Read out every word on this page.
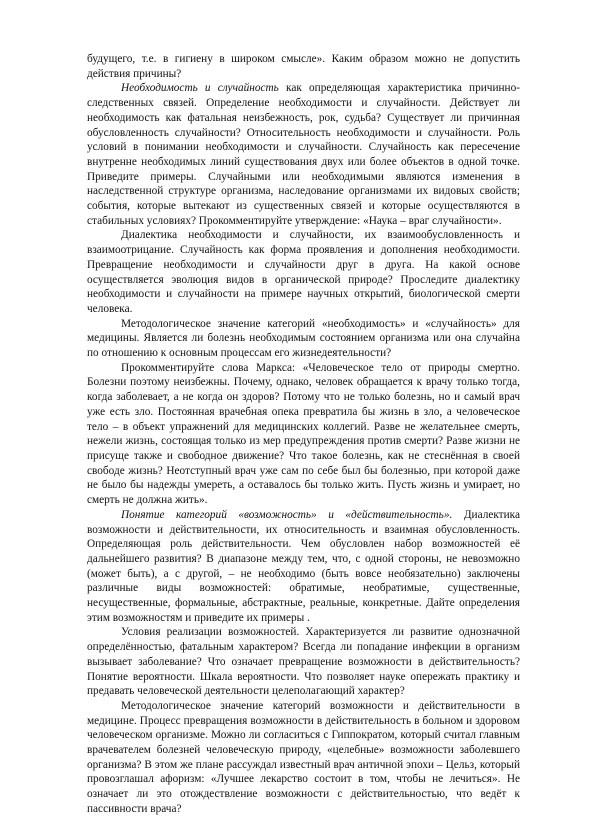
будущего, т.е. в гигиену в широком смысле». Каким образом можно не допустить действия причины?

Необходимость и случайность как определяющая характеристика причинно-следственных связей. Определение необходимости и случайности. Действует ли необходимость как фатальная неизбежность, рок, судьба? Существует ли причинная обусловленность случайности? Относительность необходимости и случайности. Роль условий в понимании необходимости и случайности. Случайность как пересечение внутренне необходимых линий существования двух или более объектов в одной точке. Приведите примеры. Случайными или необходимыми являются изменения в наследственной структуре организма, наследование организмами их видовых свойств; события, которые вытекают из существенных связей и которые осуществляются в стабильных условиях? Прокомментируйте утверждение: «Наука – враг случайности».

Диалектика необходимости и случайности, их взаимообусловленность и взаимоотрицание. Случайность как форма проявления и дополнения необходимости. Превращение необходимости и случайности друг в друга. На какой основе осуществляется эволюция видов в органической природе? Проследите диалектику необходимости и случайности на примере научных открытий, биологической смерти человека.

Методологическое значение категорий «необходимость» и «случайность» для медицины. Является ли болезнь необходимым состоянием организма или она случайна по отношению к основным процессам его жизнедеятельности?

Прокомментируйте слова Маркса: «Человеческое тело от природы смертно. Болезни поэтому неизбежны. Почему, однако, человек обращается к врачу только тогда, когда заболевает, а не когда он здоров? Потому что не только болезнь, но и самый врач уже есть зло. Постоянная врачебная опека превратила бы жизнь в зло, а человеческое тело – в объект упражнений для медицинских коллегий. Разве не желательнее смерть, нежели жизнь, состоящая только из мер предупреждения против смерти? Разве жизни не присуще также и свободное движение? Что такое болезнь, как не стеснённая в своей свободе жизнь? Неотступный врач уже сам по себе был бы болезнью, при которой даже не было бы надежды умереть, а оставалось бы только жить. Пусть жизнь и умирает, но смерть не должна жить».

Понятие категорий «возможность» и «действительность». Диалектика возможности и действительности, их относительность и взаимная обусловленность. Определяющая роль действительности. Чем обусловлен набор возможностей её дальнейшего развития? В диапазоне между тем, что, с одной стороны, не невозможно (может быть), а с другой, – не необходимо (быть вовсе необязательно) заключены различные виды возможностей: обратимые, необратимые, существенные, несущественные, формальные, абстрактные, реальные, конкретные. Дайте определения этим возможностям и приведите их примеры .

Условия реализации возможностей. Характеризуется ли развитие однозначной определённостью, фатальным характером? Всегда ли попадание инфекции в организм вызывает заболевание? Что означает превращение возможности в действительность? Понятие вероятности. Шкала вероятности. Что позволяет науке опережать практику и предавать человеческой деятельности целеполагающий характер?

Методологическое значение категорий возможности и действительности в медицине. Процесс превращения возможности в действительность в больном и здоровом человеческом организме. Можно ли согласиться с Гиппократом, который считал главным врачевателем болезней человеческую природу, «целебные» возможности заболевшего организма? В этом же плане рассуждал известный врач античной эпохи – Цельз, который провозглашал афоризм: «Лучшее лекарство состоит в том, чтобы не лечиться». Не означает ли это отождествление возможности с действительностью, что ведёт к пассивности врача?
